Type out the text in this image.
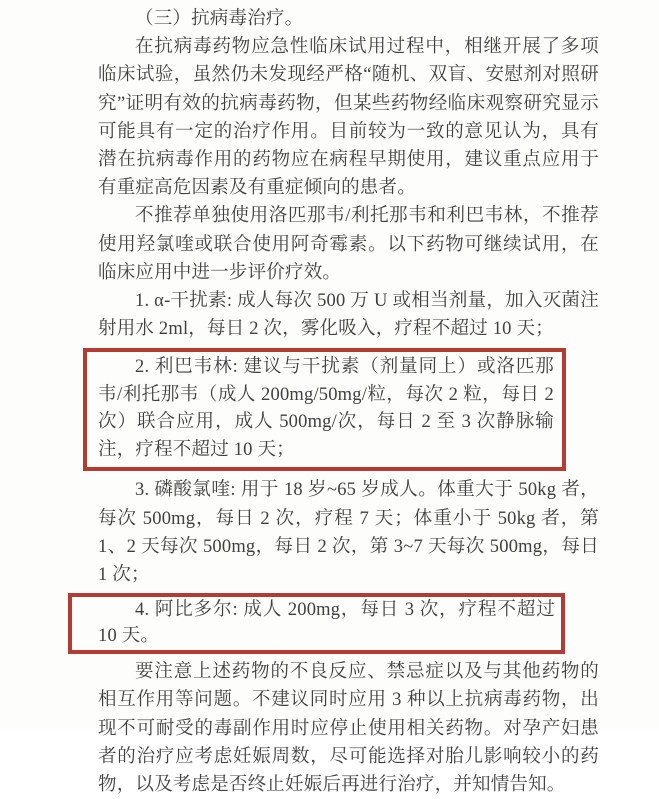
（三）抗病毒治疗。

在抗病毒药物应急性临床试用过程中，相继开展了多项临床试验，虽然仍未发现经严格“随机、双盲、安慰剂对照研究”证明有效的抗病毒药物，但某些药物经临床观察研究显示可能具有一定的治疗作用。目前较为一致的意见认为，具有潜在抗病毒作用的药物应在病程早期使用，建议重点应用于有重症高危因素及有重症倾向的患者。

不推荐单独使用洛匹那韦/利托那韦和利巴韦林，不推荐使用羟氯喹或联合使用阿奇霉素。以下药物可继续试用，在临床应用中进一步评价疗效。

1. α-干扰素: 成人每次 500 万 U 或相当剂量，加入灭菌注射用水 2ml，每日 2 次，雾化吸入，疗程不超过 10 天；

2. 利巴韦林: 建议与干扰素（剂量同上）或洛匹那韦/利托那韦（成人 200mg/50mg/粒，每次 2 粒，每日 2 次）联合应用，成人 500mg/次，每日 2 至 3 次静脉输注，疗程不超过 10 天；

3. 磷酸氯喹: 用于 18 岁~65 岁成人。体重大于 50kg 者，每次 500mg，每日 2 次，疗程 7 天；体重小于 50kg 者，第 1、2 天每次 500mg，每日 2 次，第 3~7 天每次 500mg，每日 1 次；

4. 阿比多尔: 成人 200mg，每日 3 次，疗程不超过 10 天。

要注意上述药物的不良反应、禁忌症以及与其他药物的相互作用等问题。不建议同时应用 3 种以上抗病毒药物，出现不可耐受的毒副作用时应停止使用相关药物。对孕产妇患者的治疗应考虑妊娠周数，尽可能选择对胎儿影响较小的药物，以及考虑是否终止妊娠后再进行治疗，并知情告知。
